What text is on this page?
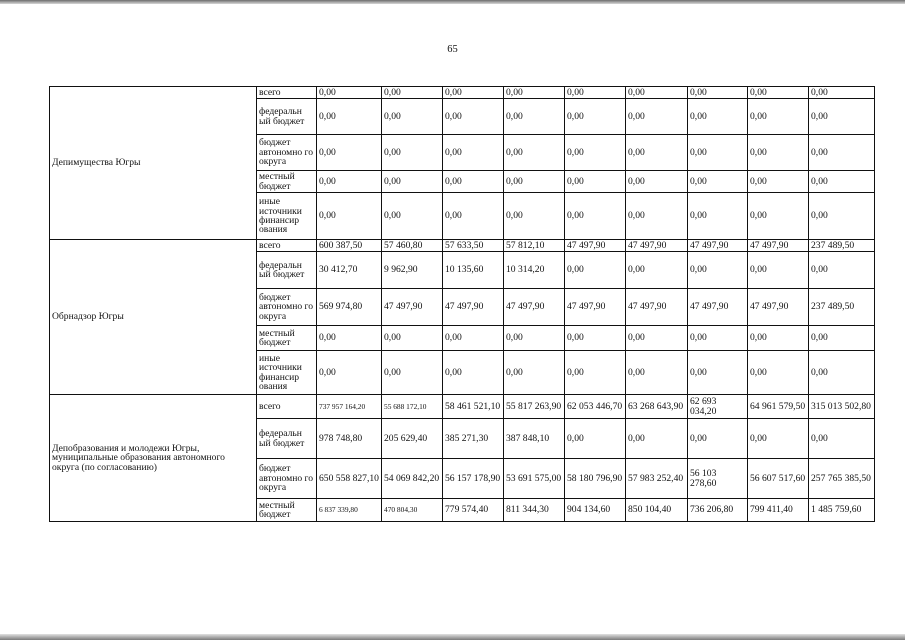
65
Депимущества Югры	всего	0,00	0,00	0,00	0,00	0,00	0,00	0,00	0,00	0,00
	федеральн ый бюджет	0,00	0,00	0,00	0,00	0,00	0,00	0,00	0,00	0,00
	бюджет автономно го округа	0,00	0,00	0,00	0,00	0,00	0,00	0,00	0,00	0,00
	местный бюджет	0,00	0,00	0,00	0,00	0,00	0,00	0,00	0,00	0,00
	иные источники финансир ования	0,00	0,00	0,00	0,00	0,00	0,00	0,00	0,00	0,00
Обрнадзор Югры	всего	600 387,50	57 460,80	57 633,50	57 812,10	47 497,90	47 497,90	47 497,90	47 497,90	237 489,50
	федеральн ый бюджет	30 412,70	9 962,90	10 135,60	10 314,20	0,00	0,00	0,00	0,00	0,00
	бюджет автономно го округа	569 974,80	47 497,90	47 497,90	47 497,90	47 497,90	47 497,90	47 497,90	47 497,90	237 489,50
	местный бюджет	0,00	0,00	0,00	0,00	0,00	0,00	0,00	0,00	0,00
	иные источники финансир ования	0,00	0,00	0,00	0,00	0,00	0,00	0,00	0,00	0,00
Депобразования и молодежи Югры, муниципальные образования автономного округа (по согласованию)	всего	737 957 164,20	55 688 172,10	58 461 521,10	55 817 263,90	62 053 446,70	63 268 643,90	62 693 034,20	64 961 579,50	315 013 502,80
	федеральн ый бюджет	978 748,80	205 629,40	385 271,30	387 848,10	0,00	0,00	0,00	0,00	0,00
	бюджет автономно го округа	650 558 827,10	54 069 842,20	56 157 178,90	53 691 575,00	58 180 796,90	57 983 252,40	56 103 278,60	56 607 517,60	257 765 385,50
	местный бюджет	6 837 339,80	470 804,30	779 574,40	811 344,30	904 134,60	850 104,40	736 206,80	799 411,40	1 485 759,60
